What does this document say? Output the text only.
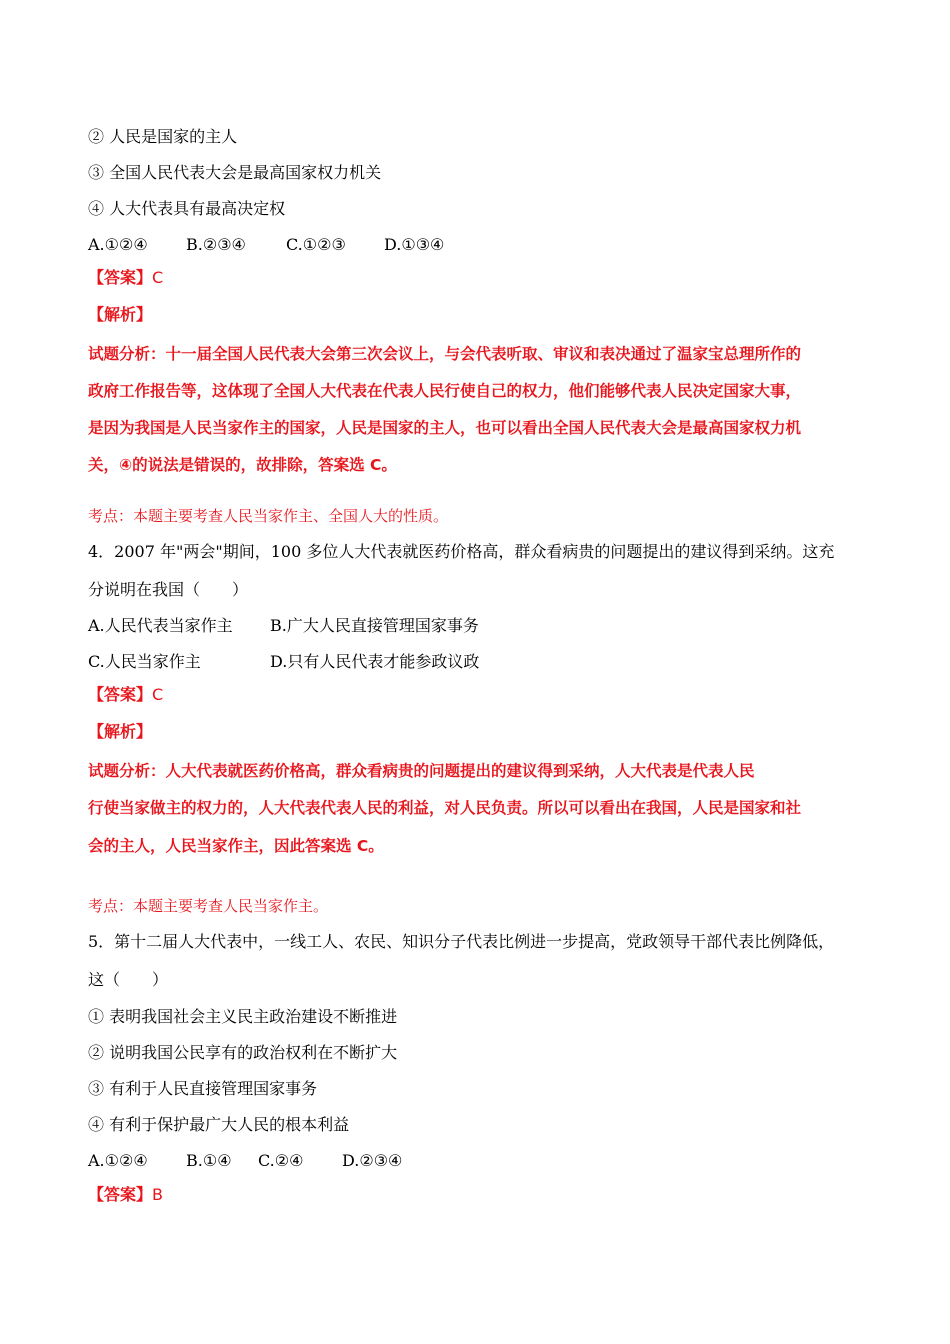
② 人民是国家的主人
③ 全国人民代表大会是最高国家权力机关
④ 人大代表具有最高决定权
A.①②④ B.②③④	C.①②③ D.①③④
【答案】C
【解析】
试题分析：十一届全国人民代表大会第三次会议上，与会代表听取、审议和表决通过了温家宝总理所作的
政府工作报告等，这体现了全国人大代表在代表人民行使自己的权力，他们能够代表人民决定国家大事，
是因为我国是人民当家作主的国家，人民是国家的主人，也可以看出全国人民代表大会是最高国家权力机
关，④的说法是错误的，故排除，答案选 C。
考点：本题主要考查人民当家作主、全国人大的性质。
4．2007 年"两会"期间，100 多位人大代表就医药价格高，群众看病贵的问题提出的建议得到采纳。这充
分说明在我国（　　）
A.人民代表当家作主 B.广大人民直接管理国家事务
C.人民当家作主	D.只有人民代表才能参政议政
【答案】C
【解析】
试题分析：人大代表就医药价格高，群众看病贵的问题提出的建议得到采纳，人大代表是代表人民
行使当家做主的权力的，人大代表代表人民的利益，对人民负责。所以可以看出在我国，人民是国家和社
会的主人，人民当家作主，因此答案选 C。
考点：本题主要考查人民当家作主。
5．第十二届人大代表中，一线工人、农民、知识分子代表比例进一步提高，党政领导干部代表比例降低，
这（　　）
① 表明我国社会主义民主政治建设不断推进
② 说明我国公民享有的政治权利在不断扩大
③ 有利于人民直接管理国家事务
④ 有利于保护最广大人民的根本利益
A.①②④ B.①④ C.②④ D.②③④
【答案】B
